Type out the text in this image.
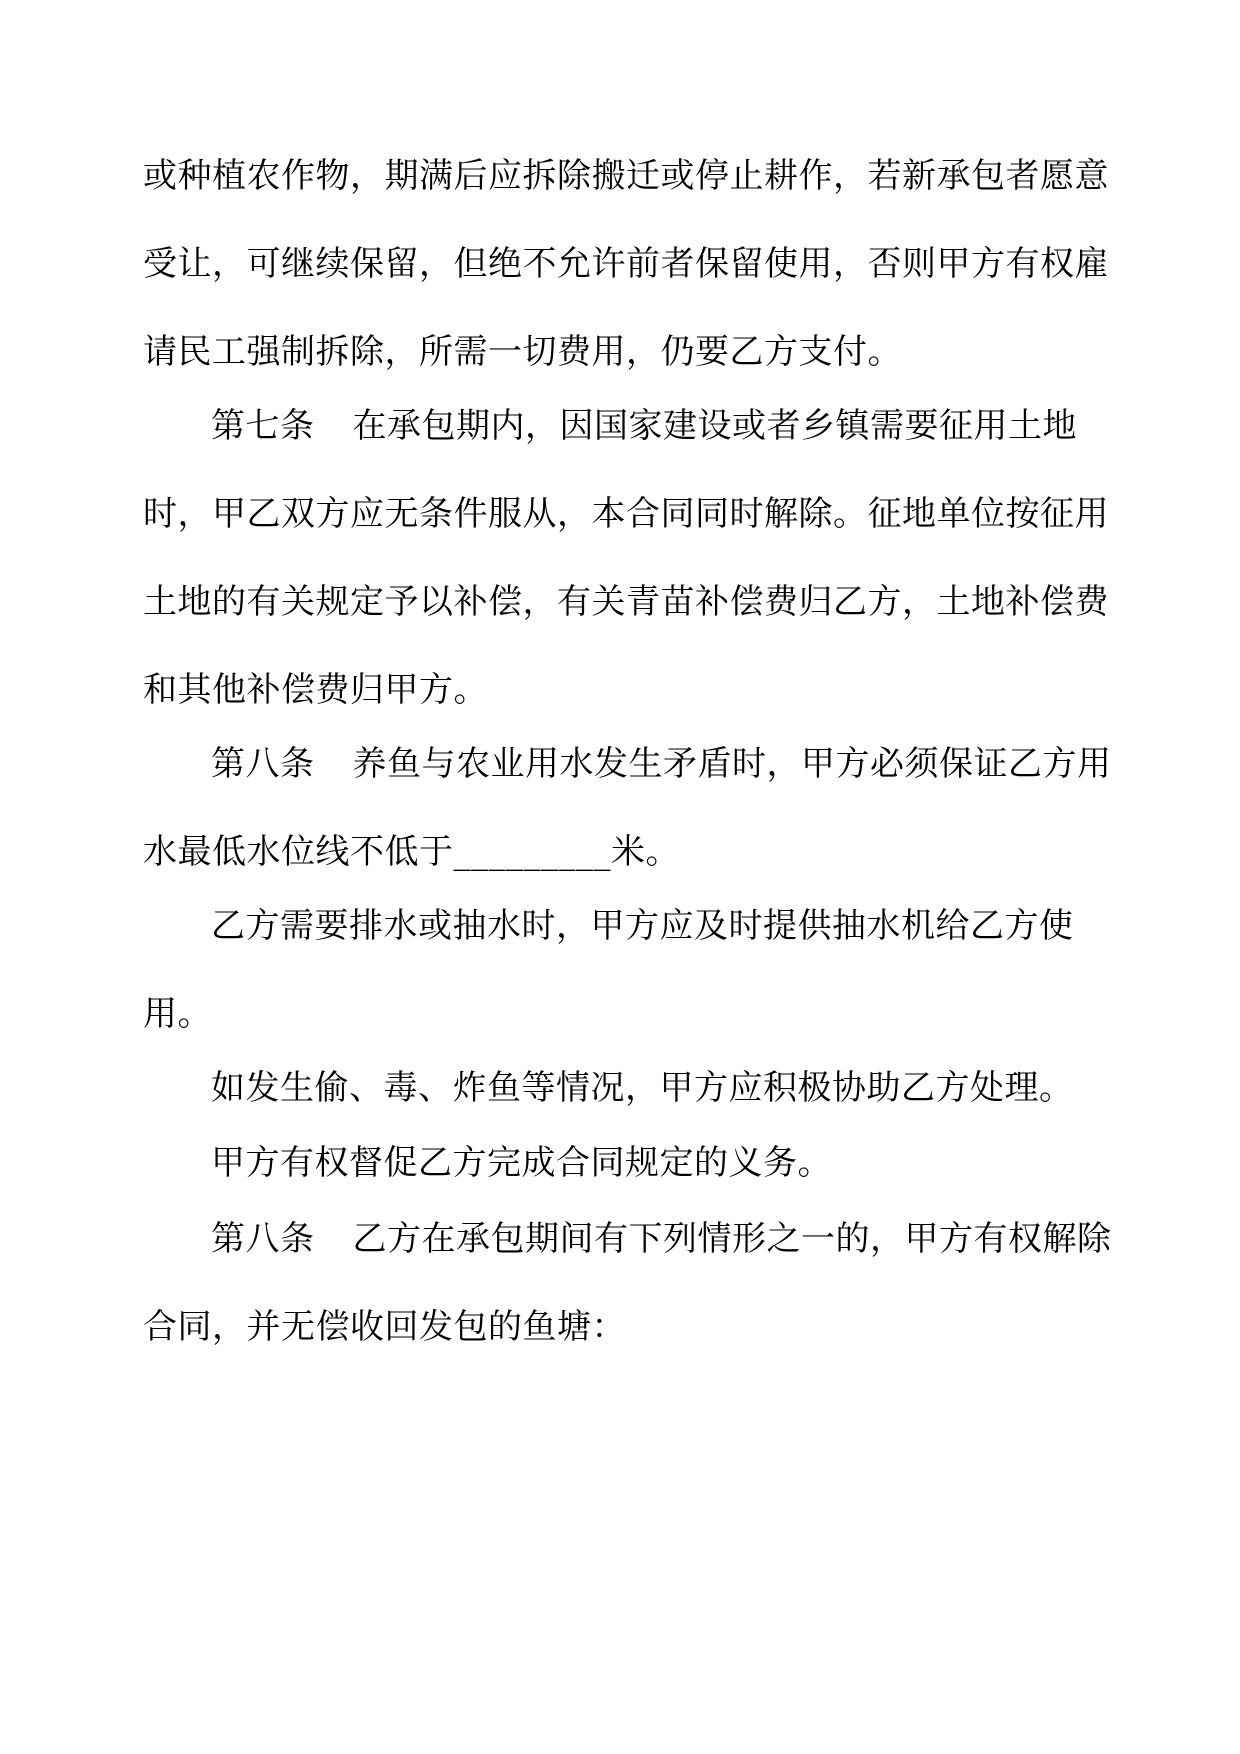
或种植农作物，期满后应拆除搬迁或停止耕作，若新承包者愿意
受让，可继续保留，但绝不允许前者保留使用，否则甲方有权雇
请民工强制拆除，所需一切费用，仍要乙方支付。
第七条 在承包期内，因国家建设或者乡镇需要征用土地
时，甲乙双方应无条件服从，本合同同时解除。征地单位按征用
土地的有关规定予以补偿，有关青苗补偿费归乙方，土地补偿费
和其他补偿费归甲方。
第八条 养鱼与农业用水发生矛盾时，甲方必须保证乙方用
水最低水位线不低于_________米。
乙方需要排水或抽水时，甲方应及时提供抽水机给乙方使
用。
如发生偷、毒、炸鱼等情况，甲方应积极协助乙方处理。
甲方有权督促乙方完成合同规定的义务。
第八条 乙方在承包期间有下列情形之一的，甲方有权解除
合同，并无偿收回发包的鱼塘：
